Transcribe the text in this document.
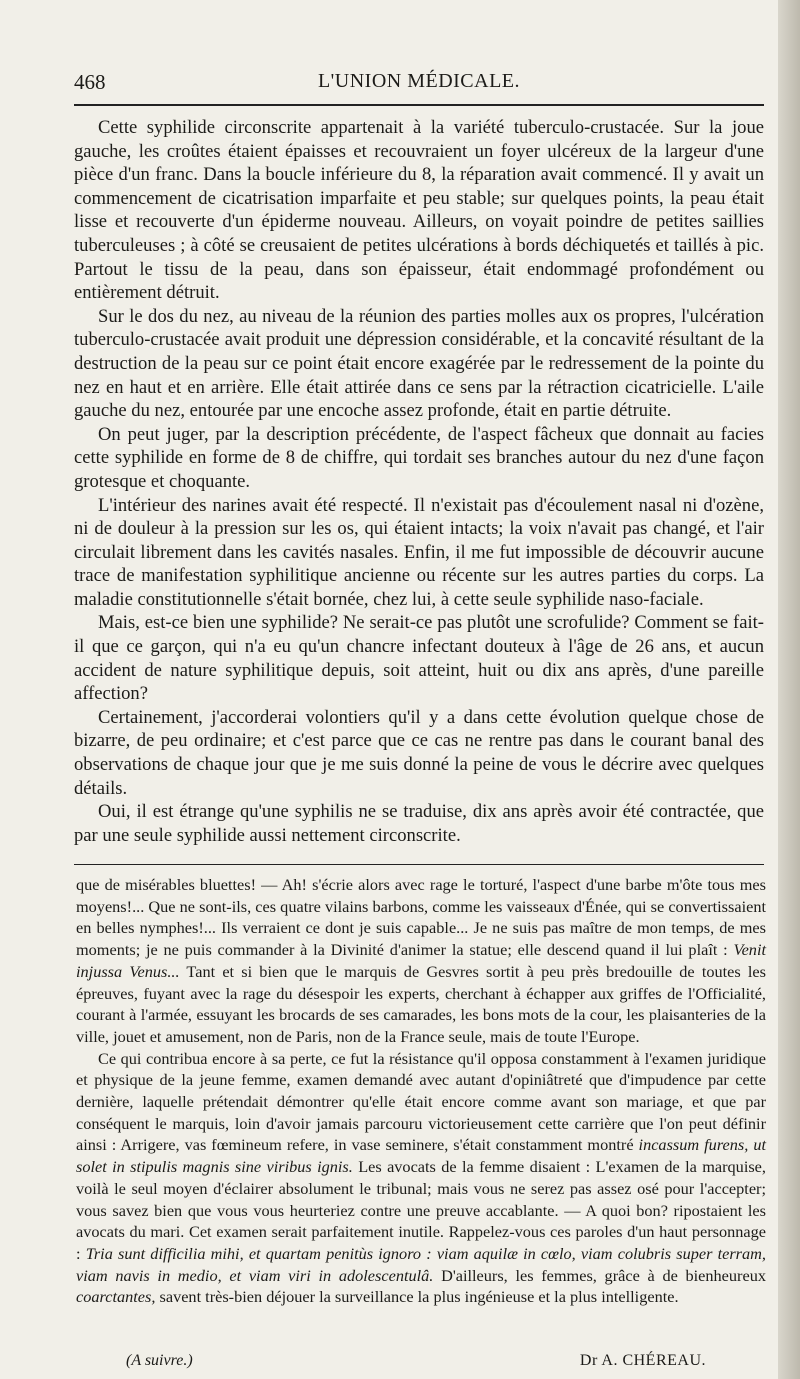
468	L'UNION MÉDICALE.

Cette syphilide circonscrite appartenait à la variété tuberculo-crustacée. Sur la joue gauche, les croûtes étaient épaisses et recouvraient un foyer ulcéreux de la largeur d'une pièce d'un franc. Dans la boucle inférieure du 8, la réparation avait commencé. Il y avait un commencement de cicatrisation imparfaite et peu stable; sur quelques points, la peau était lisse et recouverte d'un épiderme nouveau. Ailleurs, on voyait poindre de petites saillies tuberculeuses ; à côté se creusaient de petites ulcérations à bords déchiquetés et taillés à pic. Partout le tissu de la peau, dans son épaisseur, était endommagé profondément ou entièrement détruit.

Sur le dos du nez, au niveau de la réunion des parties molles aux os propres, l'ulcération tuberculo-crustacée avait produit une dépression considérable, et la concavité résultant de la destruction de la peau sur ce point était encore exagérée par le redressement de la pointe du nez en haut et en arrière. Elle était attirée dans ce sens par la rétraction cicatricielle. L'aile gauche du nez, entourée par une encoche assez profonde, était en partie détruite.

On peut juger, par la description précédente, de l'aspect fâcheux que donnait au facies cette syphilide en forme de 8 de chiffre, qui tordait ses branches autour du nez d'une façon grotesque et choquante.

L'intérieur des narines avait été respecté. Il n'existait pas d'écoulement nasal ni d'ozène, ni de douleur à la pression sur les os, qui étaient intacts; la voix n'avait pas changé, et l'air circulait librement dans les cavités nasales. Enfin, il me fut impossible de découvrir aucune trace de manifestation syphilitique ancienne ou récente sur les autres parties du corps. La maladie constitutionnelle s'était bornée, chez lui, à cette seule syphilide naso-faciale.

Mais, est-ce bien une syphilide? Ne serait-ce pas plutôt une scrofulide? Comment se fait-il que ce garçon, qui n'a eu qu'un chancre infectant douteux à l'âge de 26 ans, et aucun accident de nature syphilitique depuis, soit atteint, huit ou dix ans après, d'une pareille affection?

Certainement, j'accorderai volontiers qu'il y a dans cette évolution quelque chose de bizarre, de peu ordinaire; et c'est parce que ce cas ne rentre pas dans le courant banal des observations de chaque jour que je me suis donné la peine de vous le décrire avec quelques détails.

Oui, il est étrange qu'une syphilis ne se traduise, dix ans après avoir été contractée, que par une seule syphilide aussi nettement circonscrite.

que de misérables bluettes! — Ah! s'écrie alors avec rage le torturé, l'aspect d'une barbe m'ôte tous mes moyens!... Que ne sont-ils, ces quatre vilains barbons, comme les vaisseaux d'Énée, qui se convertissaient en belles nymphes!... Ils verraient ce dont je suis capable... Je ne suis pas maître de mon temps, de mes moments; je ne puis commander à la Divinité d'animer la statue; elle descend quand il lui plaît : Venit injussa Venus... Tant et si bien que le marquis de Gesvres sortit à peu près bredouille de toutes les épreuves, fuyant avec la rage du désespoir les experts, cherchant à échapper aux griffes de l'Officialité, courant à l'armée, essuyant les brocards de ses camarades, les bons mots de la cour, les plaisanteries de la ville, jouet et amusement, non de Paris, non de la France seule, mais de toute l'Europe.

Ce qui contribua encore à sa perte, ce fut la résistance qu'il opposa constamment à l'examen juridique et physique de la jeune femme, examen demandé avec autant d'opiniâtreté que d'impudence par cette dernière, laquelle prétendait démontrer qu'elle était encore comme avant son mariage, et que par conséquent le marquis, loin d'avoir jamais parcouru victorieusement cette carrière que l'on peut définir ainsi : Arrigere, vas fœmineum refere, in vase seminere, s'était constamment montré incassum furens, ut solet in stipulis magnis sine viribus ignis. Les avocats de la femme disaient : L'examen de la marquise, voilà le seul moyen d'éclairer absolument le tribunal; mais vous ne serez pas assez osé pour l'accepter; vous savez bien que vous vous heurteriez contre une preuve accablante. — A quoi bon? ripostaient les avocats du mari. Cet examen serait parfaitement inutile. Rappelez-vous ces paroles d'un haut personnage : Tria sunt difficilia mihi, et quartam penitùs ignoro : viam aquilæ in cœlo, viam colubris super terram, viam navis in medio, et viam viri in adolescentulâ. D'ailleurs, les femmes, grâce à de bienheureux coarctantes, savent très-bien déjouer la surveillance la plus ingénieuse et la plus intelligente.

(A suivre.)	Dr A. CHÉREAU.
